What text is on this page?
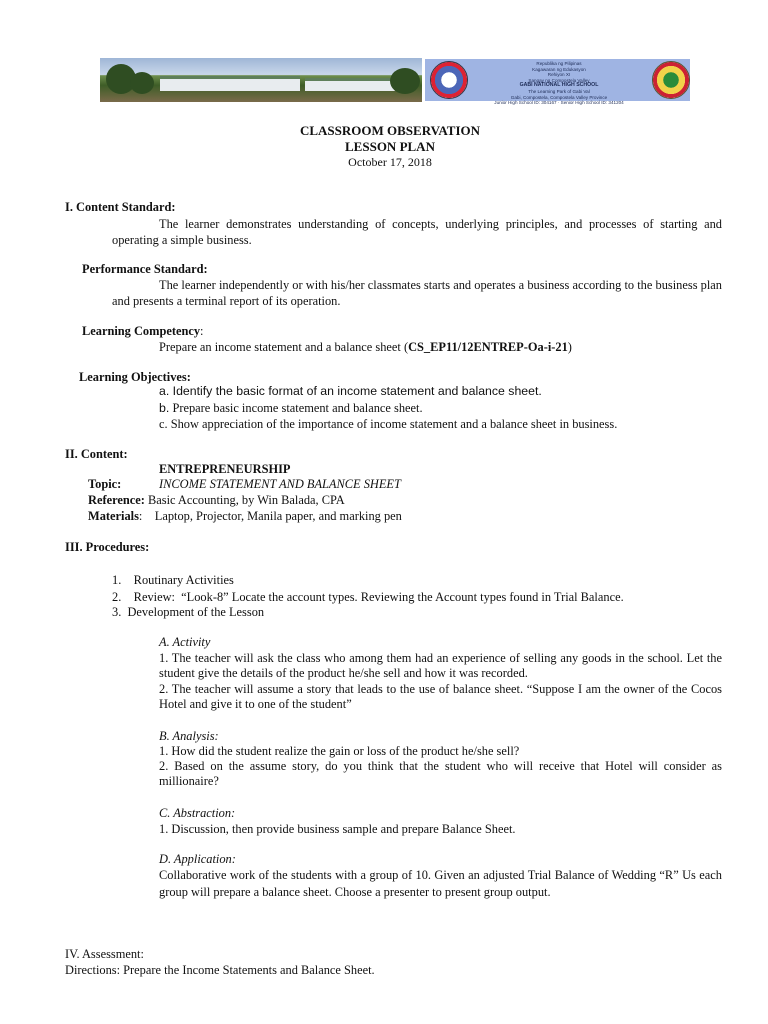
Republika ng Pilipinas
Kagawaran ng Edukasyon
Rehiyon XI
Sangay ng Compostela Valley
GABI NATIONAL HIGH SCHOOL
The Learning Park of Gabi Val
Gabi, Compostela, Compostela Valley Province
Junior High School ID: 304167 · Senior High School ID: 341204
CLASSROOM OBSERVATION
LESSON PLAN
October 17, 2018
I. Content Standard:
The learner demonstrates understanding of concepts, underlying principles, and processes of starting and operating a simple business.
Performance Standard:
The learner independently or with his/her classmates starts and operates a business according to the business plan and presents a terminal report of its operation.
Learning Competency:
Prepare an income statement and a balance sheet (CS_EP11/12ENTREP-Oa-i-21)
Learning Objectives:
a. Identify the basic format of an income statement and balance sheet.
b. Prepare basic income statement and balance sheet.
c. Show appreciation of the importance of income statement and a balance sheet in business.
II. Content:
ENTREPRENEURSHIP
Topic:	INCOME STATEMENT AND BALANCE SHEET
Reference: Basic Accounting, by Win Balada, CPA
Materials:    Laptop, Projector, Manila paper, and marking pen
III. Procedures:
1.    Routinary Activities
2.    Review:  “Look-8” Locate the account types. Reviewing the Account types found in Trial Balance.
3.  Development of the Lesson
A. Activity
1. The teacher will ask the class who among them had an experience of selling any goods in the school. Let the student give the details of the product he/she sell and how it was recorded.
2. The teacher will assume a story that leads to the use of balance sheet. “Suppose I am the owner of the Cocos Hotel and give it to one of the student”
B. Analysis:
1. How did the student realize the gain or loss of the product he/she sell?
2. Based on the assume story, do you think that the student who will receive that Hotel will consider as millionaire?
C. Abstraction:
1. Discussion, then provide business sample and prepare Balance Sheet.
D. Application:
Collaborative work of the students with a group of 10. Given an adjusted Trial Balance of Wedding “R” Us each group will prepare a balance sheet. Choose a presenter to present group output.
IV. Assessment:
Directions: Prepare the Income Statements and Balance Sheet.
